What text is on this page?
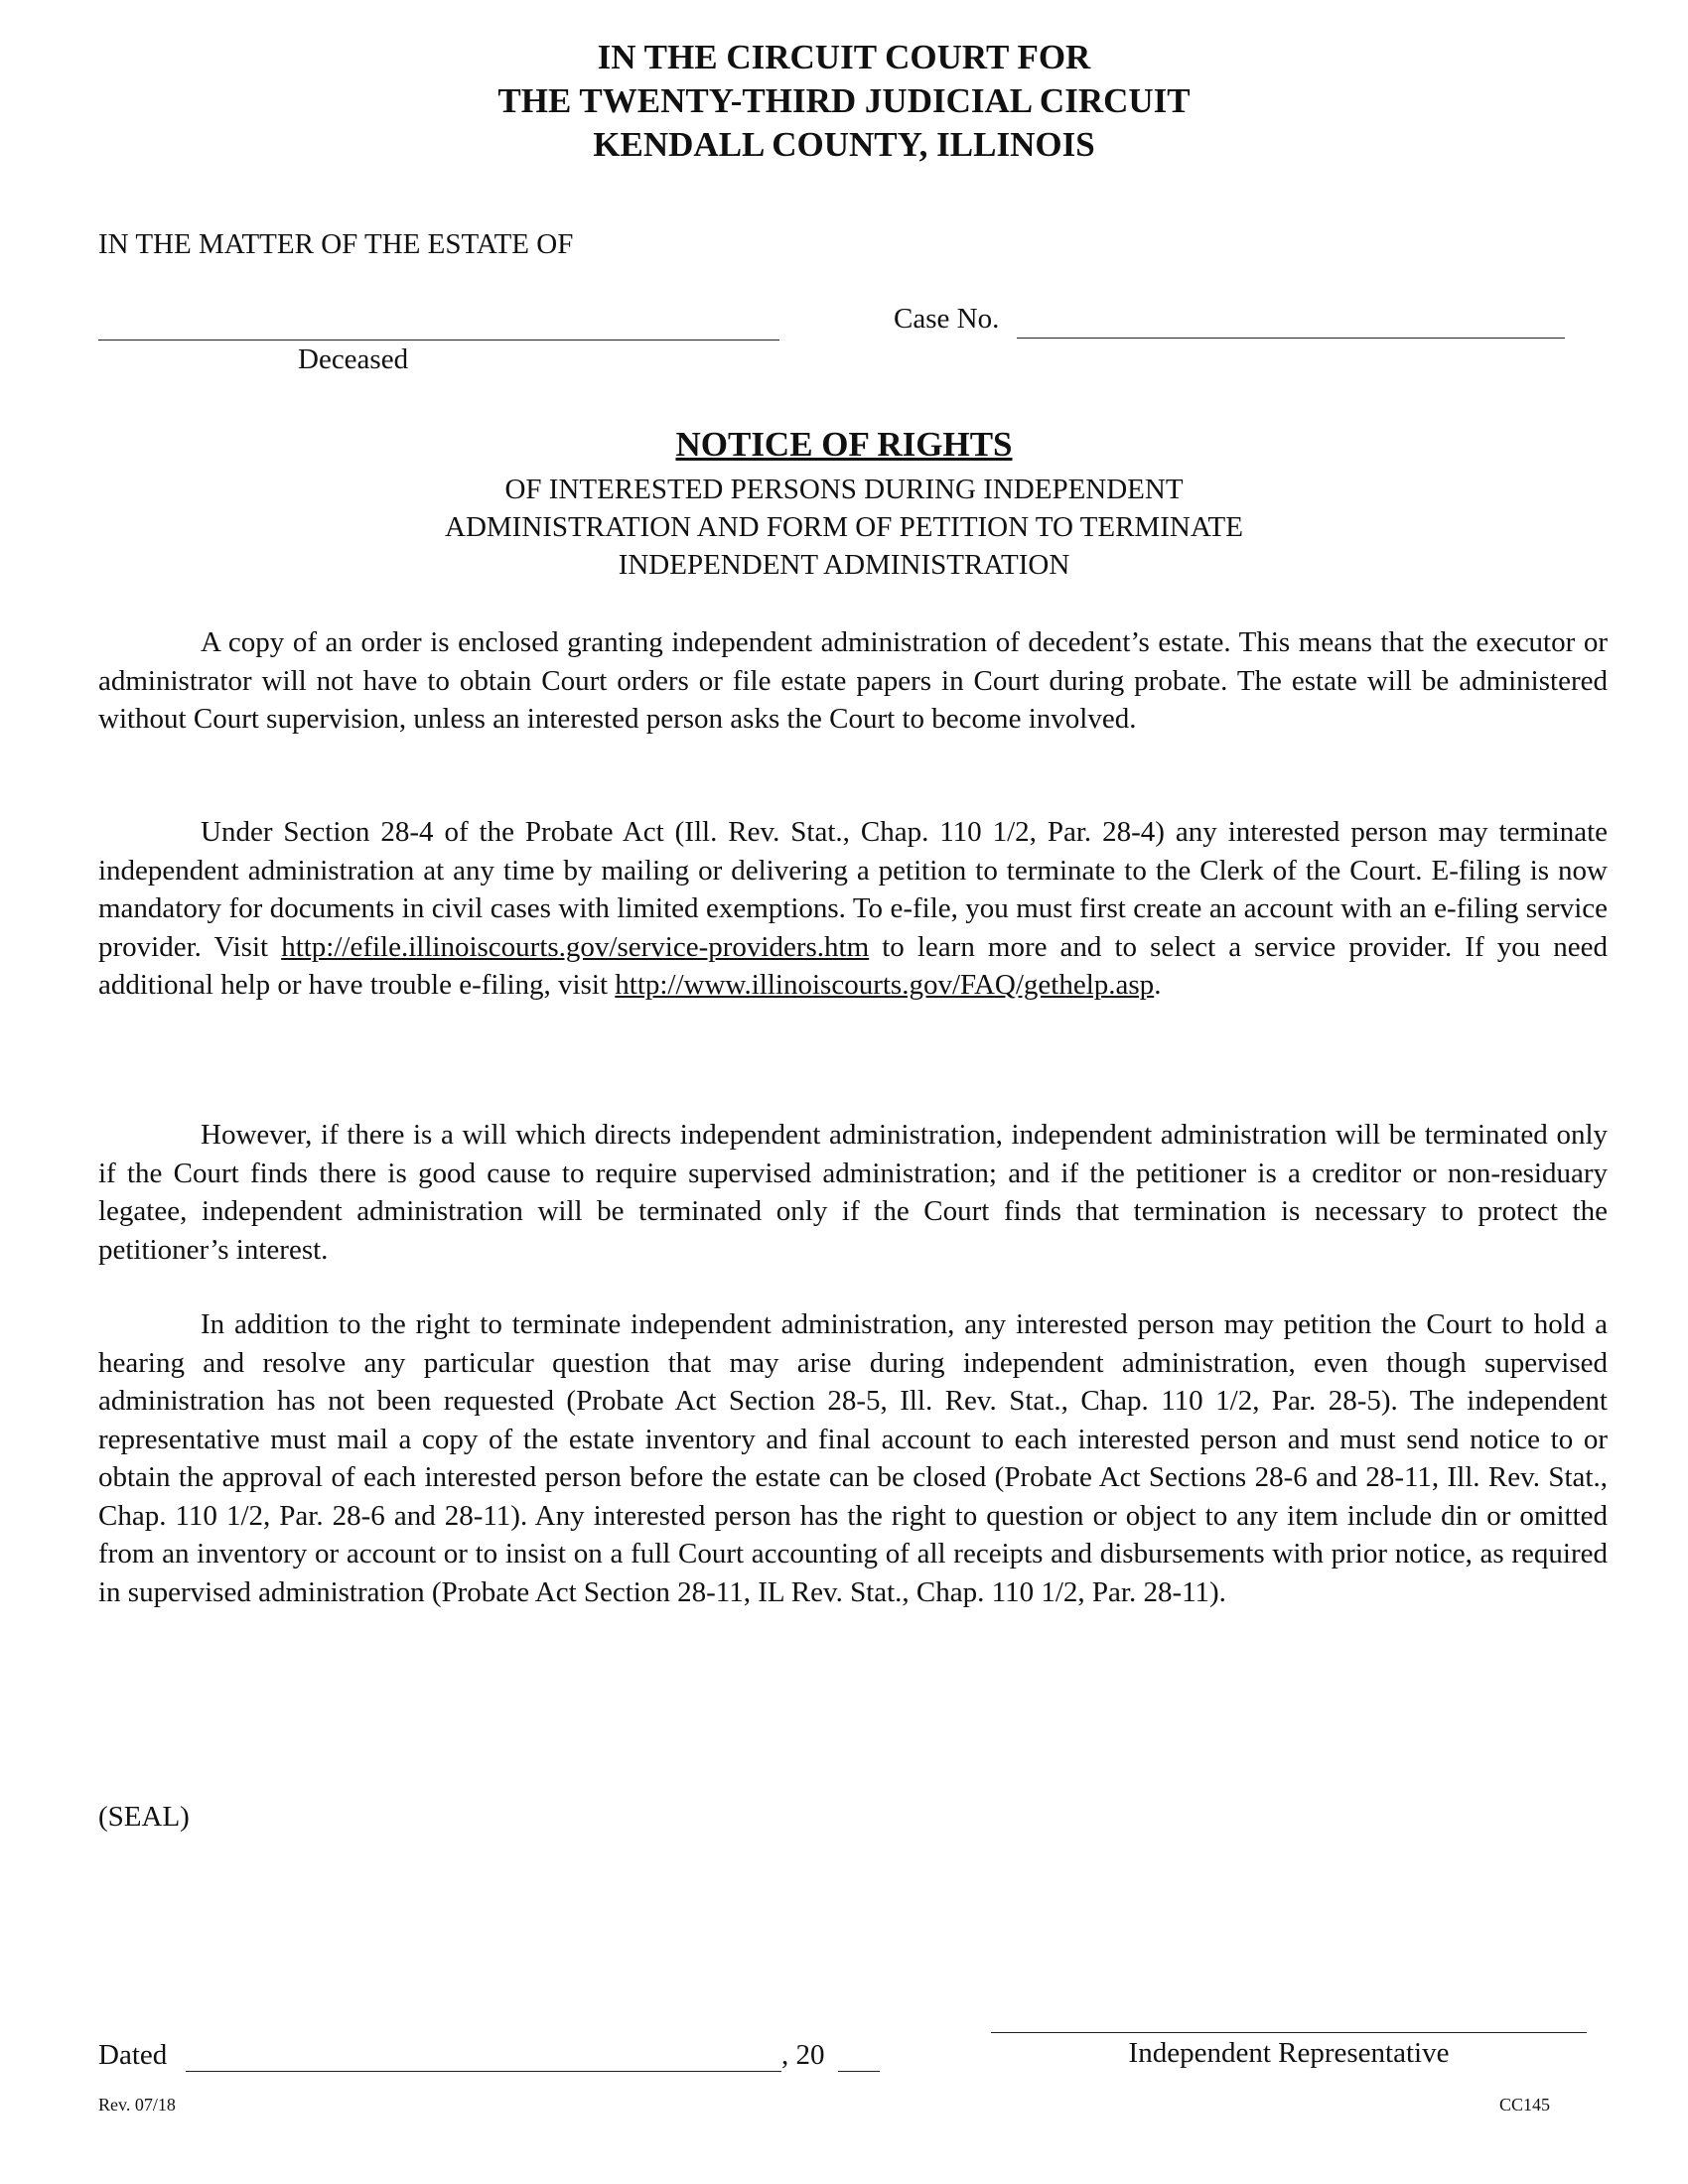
IN THE CIRCUIT COURT FOR
THE TWENTY-THIRD JUDICIAL CIRCUIT
KENDALL COUNTY, ILLINOIS
IN THE MATTER OF THE ESTATE OF
Deceased
Case No.
NOTICE OF RIGHTS
OF INTERESTED PERSONS DURING INDEPENDENT
ADMINISTRATION AND FORM OF PETITION TO TERMINATE
INDEPENDENT ADMINISTRATION
A copy of an order is enclosed granting independent administration of decedent’s estate. This means that the executor or administrator will not have to obtain Court orders or file estate papers in Court during probate. The estate will be administered without Court supervision, unless an interested person asks the Court to become involved.
Under Section 28-4 of the Probate Act (Ill. Rev. Stat., Chap. 110 1/2, Par. 28-4) any interested person may terminate independent administration at any time by mailing or delivering a petition to terminate to the Clerk of the Court. E-filing is now mandatory for documents in civil cases with limited exemptions. To e-file, you must first create an account with an e-filing service provider. Visit http://efile.illinoiscourts.gov/service-providers.htm to learn more and to select a service provider. If you need additional help or have trouble e-filing, visit http://www.illinoiscourts.gov/FAQ/gethelp.asp.
However, if there is a will which directs independent administration, independent administration will be terminated only if the Court finds there is good cause to require supervised administration; and if the petitioner is a creditor or non-residuary legatee, independent administration will be terminated only if the Court finds that termination is necessary to protect the petitioner’s interest.
In addition to the right to terminate independent administration, any interested person may petition the Court to hold a hearing and resolve any particular question that may arise during independent administration, even though supervised administration has not been requested (Probate Act Section 28-5, Ill. Rev. Stat., Chap. 110 1/2, Par. 28-5). The independent representative must mail a copy of the estate inventory and final account to each interested person and must send notice to or obtain the approval of each interested person before the estate can be closed (Probate Act Sections 28-6 and 28-11, Ill. Rev. Stat., Chap. 110 1/2, Par. 28-6 and 28-11). Any interested person has the right to question or object to any item include din or omitted from an inventory or account or to insist on a full Court accounting of all receipts and disbursements with prior notice, as required in supervised administration (Probate Act Section 28-11, IL Rev. Stat., Chap. 110 1/2, Par. 28-11).
(SEAL)
Dated	, 20	Independent Representative
Rev. 07/18	CC145
